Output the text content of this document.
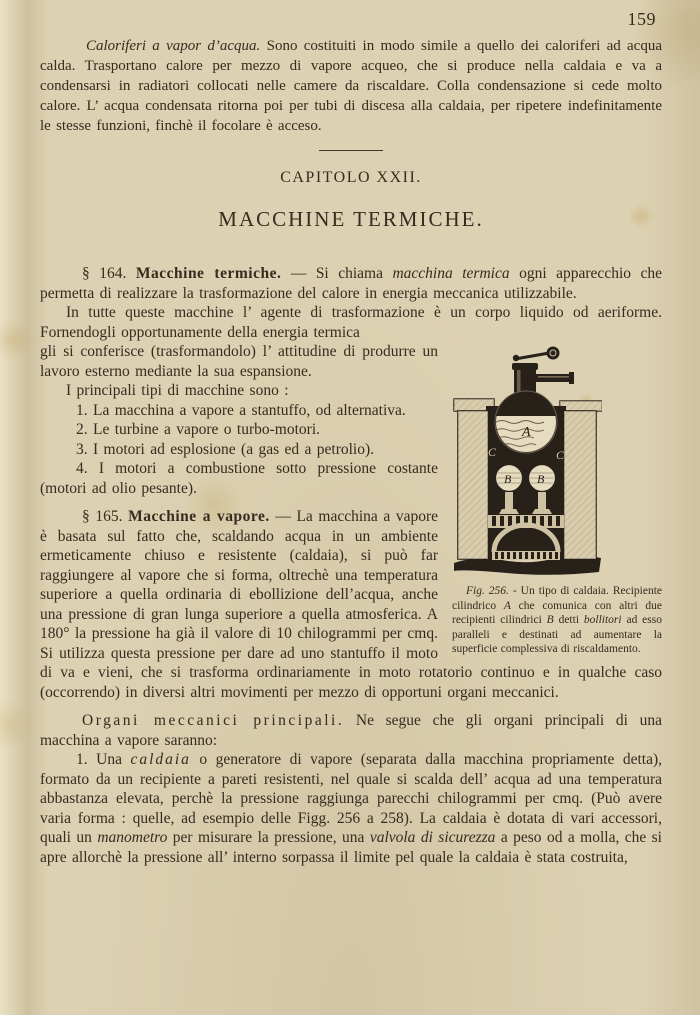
159

Caloriferi a vapor d’acqua. Sono costituiti in modo simile a quello dei caloriferi ad acqua calda. Trasportano calore per mezzo di vapore acqueo, che si produce nella caldaia e va a condensarsi in radiatori collocati nelle camere da riscaldare. Colla condensazione si cede molto calore. L’ acqua condensata ritorna poi per tubi di discesa alla caldaia, per ripetere indefinitamente le stesse funzioni, finchè il focolare è acceso.

CAPITOLO XXII.
MACCHINE TERMICHE.

§ 164. Macchine termiche. — Si chiama macchina termica ogni apparecchio che permetta di realizzare la trasformazione del calore in energia meccanica utilizzabile.

In tutte queste macchine l’ agente di trasformazione è un corpo liquido od aeriforme. Fornendogli opportunamente della energia termica

A
C	C
B B
Fig. 256. - Un tipo di caldaia. Recipiente cilindrico A che comunica con altri due recipienti cilindrici B detti bollitori ad esso paralleli e destinati ad aumentare la superficie complessiva di riscaldamento.

gli si conferisce (trasformandolo) l’ attitudine di produrre un lavoro esterno mediante la sua espansione.

I principali tipi di macchine sono :

1. La macchina a vapore a stantuffo, od alternativa.

2. Le turbine a vapore o turbo-motori.

3. I motori ad esplosione (a gas ed a petrolio).

4. I motori a combustione sotto pressione costante (motori ad olio pesante).

§ 165. Macchine a vapore. — La macchina a vapore è basata sul fatto che, scaldando acqua in un ambiente ermeticamente chiuso e resistente (caldaia), si può far raggiungere al vapore che si forma, oltrechè una temperatura superiore a quella ordinaria di ebollizione dell’acqua, anche una pressione di gran lunga superiore a quella atmosferica. A 180° la pressione ha già il valore di 10 chilogrammi per cmq. Si utilizza questa pressione per dare ad uno stantuffo il moto di va e vieni, che si trasforma ordinariamente in moto rotatorio continuo e in qualche caso (occorrendo) in diversi altri movimenti per mezzo di opportuni organi meccanici.

Organi meccanici principali. Ne segue che gli organi principali di una macchina a vapore saranno:

1. Una caldaia o generatore di vapore (separata dalla macchina propriamente detta), formato da un recipiente a pareti resistenti, nel quale si scalda dell’ acqua ad una temperatura abbastanza elevata, perchè la pressione raggiunga parecchi chilogrammi per cmq. (Può avere varia forma : quelle, ad esempio delle Figg. 256 a 258). La caldaia è dotata di vari accessori, quali un manometro per misurare la pressione, una valvola di sicurezza a peso od a molla, che si apre allorchè la pressione all’ interno sorpassa il limite pel quale la caldaia è stata costruita,
